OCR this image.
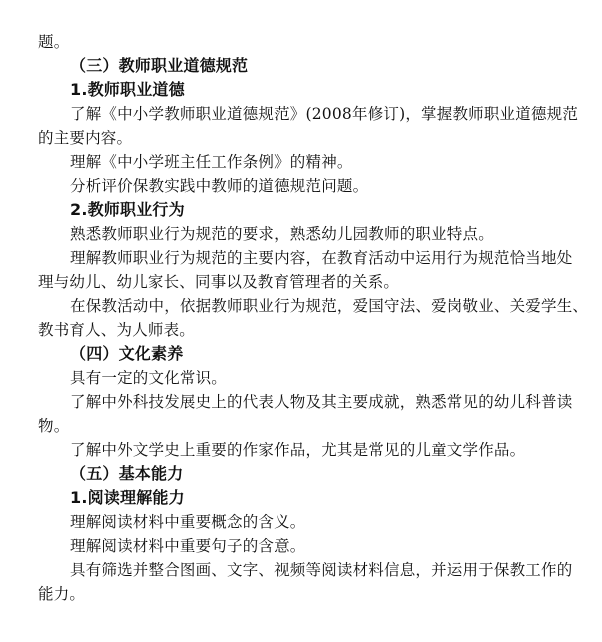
题。
（三）教师职业道德规范
1.教师职业道德
了解《中小学教师职业道德规范》(2008年修订)，掌握教师职业道德规范
的主要内容。
理解《中小学班主任工作条例》的精神。
分析评价保教实践中教师的道德规范问题。
2.教师职业行为
熟悉教师职业行为规范的要求，熟悉幼儿园教师的职业特点。
理解教师职业行为规范的主要内容，在教育活动中运用行为规范恰当地处
理与幼儿、幼儿家长、同事以及教育管理者的关系。
在保教活动中，依据教师职业行为规范，爱国守法、爱岗敬业、关爱学生、
教书育人、为人师表。
（四）文化素养
具有一定的文化常识。
了解中外科技发展史上的代表人物及其主要成就，熟悉常见的幼儿科普读
物。
了解中外文学史上重要的作家作品，尤其是常见的儿童文学作品。
（五）基本能力
1.阅读理解能力
理解阅读材料中重要概念的含义。
理解阅读材料中重要句子的含意。
具有筛选并整合图画、文字、视频等阅读材料信息，并运用于保教工作的
能力。
